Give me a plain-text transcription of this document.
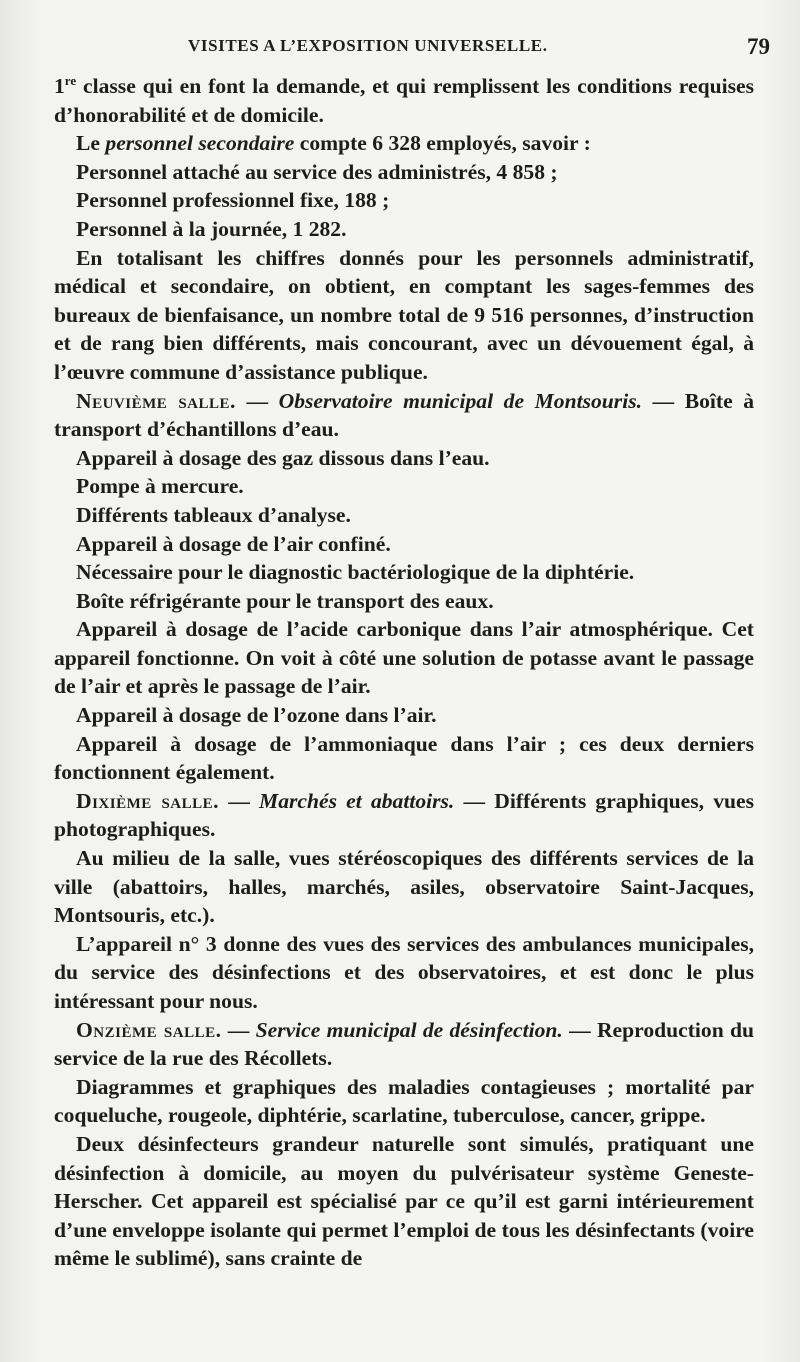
VISITES A L’EXPOSITION UNIVERSELLE.	79

1re classe qui en font la demande, et qui remplissent les conditions requises d’honorabilité et de domicile.

Le personnel secondaire compte 6 328 employés, savoir :

Personnel attaché au service des administrés, 4 858 ;

Personnel professionnel fixe, 188 ;

Personnel à la journée, 1 282.

En totalisant les chiffres donnés pour les personnels administratif, médical et secondaire, on obtient, en comptant les sages-femmes des bureaux de bienfaisance, un nombre total de 9 516 personnes, d’instruction et de rang bien différents, mais concourant, avec un dévouement égal, à l’œuvre commune d’assistance publique.

Neuvième salle. — Observatoire municipal de Montsouris. — Boîte à transport d’échantillons d’eau.

Appareil à dosage des gaz dissous dans l’eau.

Pompe à mercure.

Différents tableaux d’analyse.

Appareil à dosage de l’air confiné.

Nécessaire pour le diagnostic bactériologique de la diphtérie.

Boîte réfrigérante pour le transport des eaux.

Appareil à dosage de l’acide carbonique dans l’air atmosphérique. Cet appareil fonctionne. On voit à côté une solution de potasse avant le passage de l’air et après le passage de l’air.

Appareil à dosage de l’ozone dans l’air.

Appareil à dosage de l’ammoniaque dans l’air ; ces deux derniers fonctionnent également.

Dixième salle. — Marchés et abattoirs. — Différents graphiques, vues photographiques.

Au milieu de la salle, vues stéréoscopiques des différents services de la ville (abattoirs, halles, marchés, asiles, observatoire Saint-Jacques, Montsouris, etc.).

L’appareil n° 3 donne des vues des services des ambulances municipales, du service des désinfections et des observatoires, et est donc le plus intéressant pour nous.

Onzième salle. — Service municipal de désinfection. — Reproduction du service de la rue des Récollets.

Diagrammes et graphiques des maladies contagieuses ; mortalité par coqueluche, rougeole, diphtérie, scarlatine, tuberculose, cancer, grippe.

Deux désinfecteurs grandeur naturelle sont simulés, pratiquant une désinfection à domicile, au moyen du pulvérisateur système Geneste-Herscher. Cet appareil est spécialisé par ce qu’il est garni intérieurement d’une enveloppe isolante qui permet l’emploi de tous les désinfectants (voire même le sublimé), sans crainte de
